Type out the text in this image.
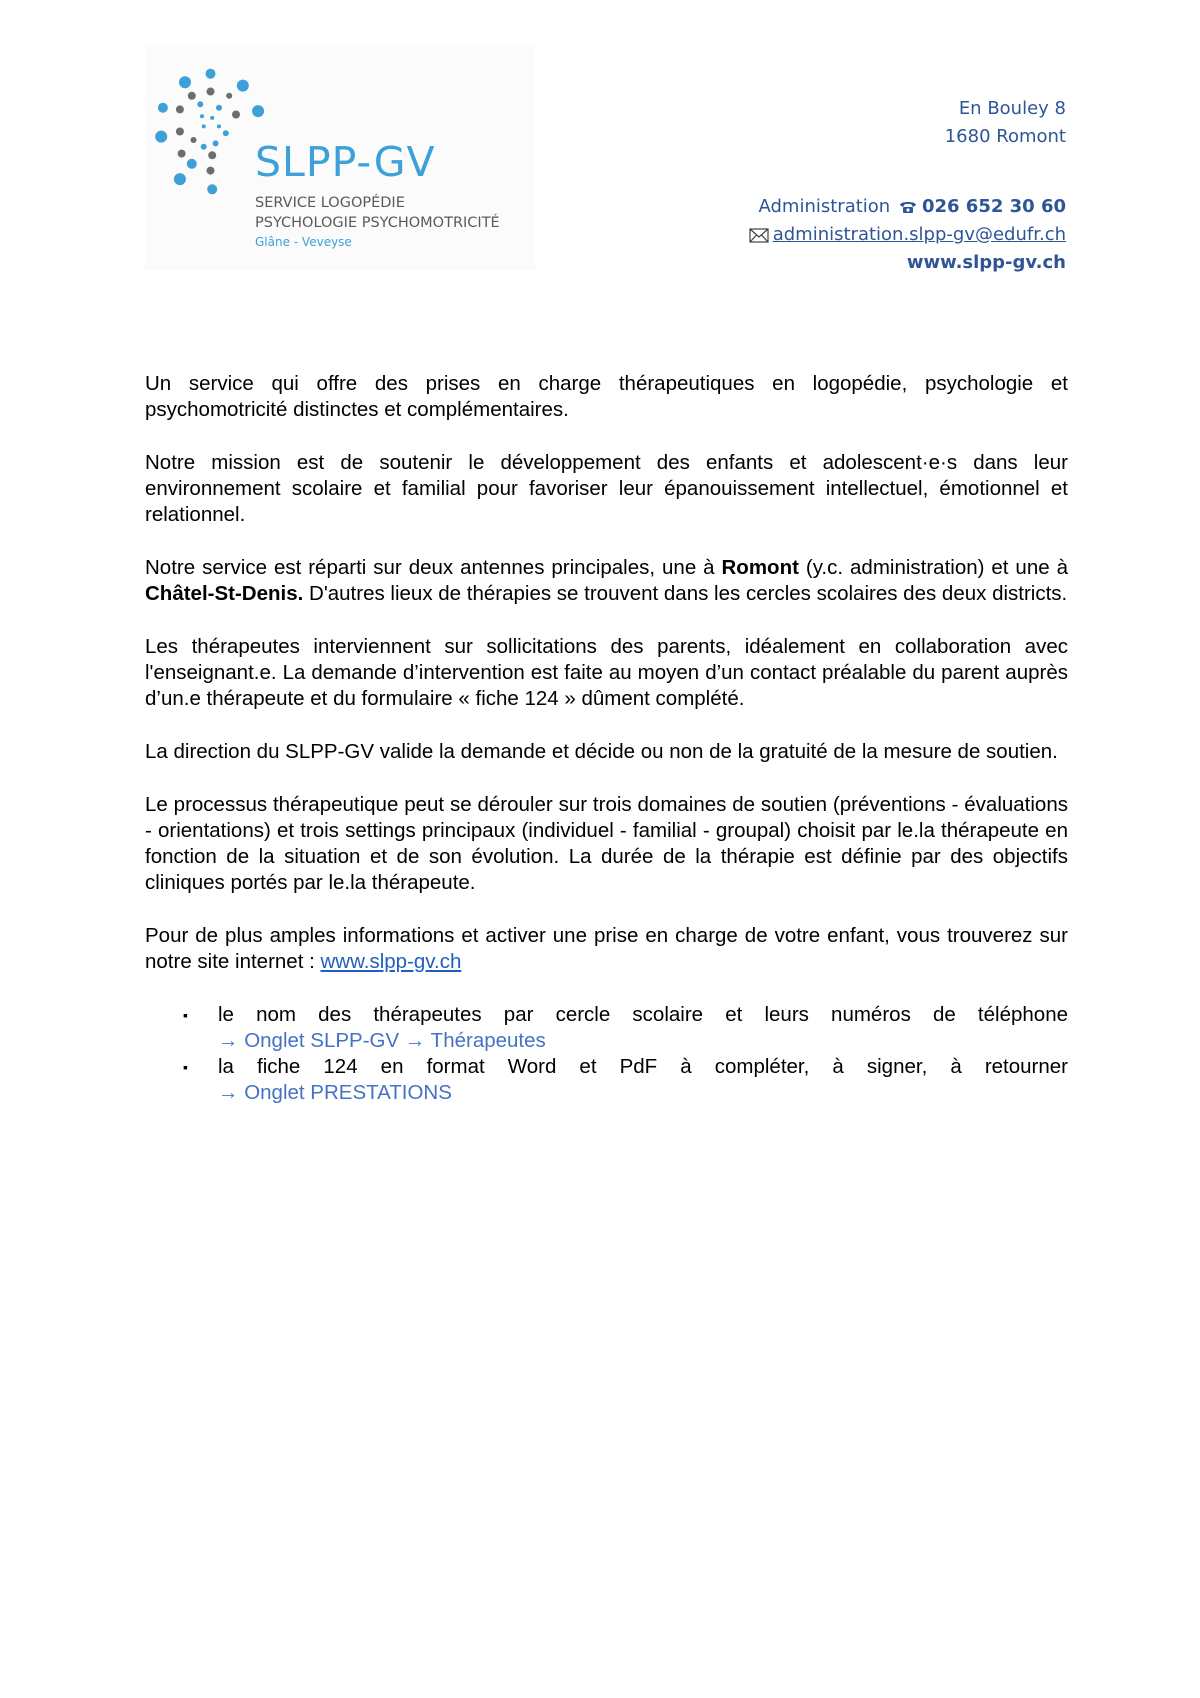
SLPP-GV
SERVICE LOGOPÉDIE
PSYCHOLOGIE PSYCHOMOTRICITÉ
Glâne - Veveyse
En Bouley 8
1680 Romont
Administration 026 652 30 60
administration.slpp-gv@edufr.ch
www.slpp-gv.ch

Un service qui offre des prises en charge thérapeutiques en logopédie, psychologie et psychomotricité distinctes et complémentaires.

Notre mission est de soutenir le développement des enfants et adolescent·e·s dans leur environnement scolaire et familial pour favoriser leur épanouissement intellectuel, émotionnel et relationnel.

Notre service est réparti sur deux antennes principales, une à Romont (y.c. administration) et une à Châtel-St-Denis. D'autres lieux de thérapies se trouvent dans les cercles scolaires des deux districts.

Les thérapeutes interviennent sur sollicitations des parents, idéalement en collaboration avec l'enseignant.e. La demande d’intervention est faite au moyen d’un contact préalable du parent auprès d’un.e thérapeute et du formulaire « fiche 124 » dûment complété.

La direction du SLPP-GV valide la demande et décide ou non de la gratuité de la mesure de soutien.

Le processus thérapeutique peut se dérouler sur trois domaines de soutien (préventions - évaluations - orientations) et trois settings principaux (individuel - familial - groupal) choisit par le.la thérapeute en fonction de la situation et de son évolution. La durée de la thérapie est définie par des objectifs cliniques portés par le.la thérapeute.

Pour de plus amples informations et activer une prise en charge de votre enfant, vous trouverez sur notre site internet : www.slpp-gv.ch

▪ le nom des thérapeutes par cercle scolaire et leurs numéros de téléphone
→ Onglet SLPP-GV → Thérapeutes
▪ la fiche 124 en format Word et PdF à compléter, à signer, à retourner
→ Onglet PRESTATIONS
